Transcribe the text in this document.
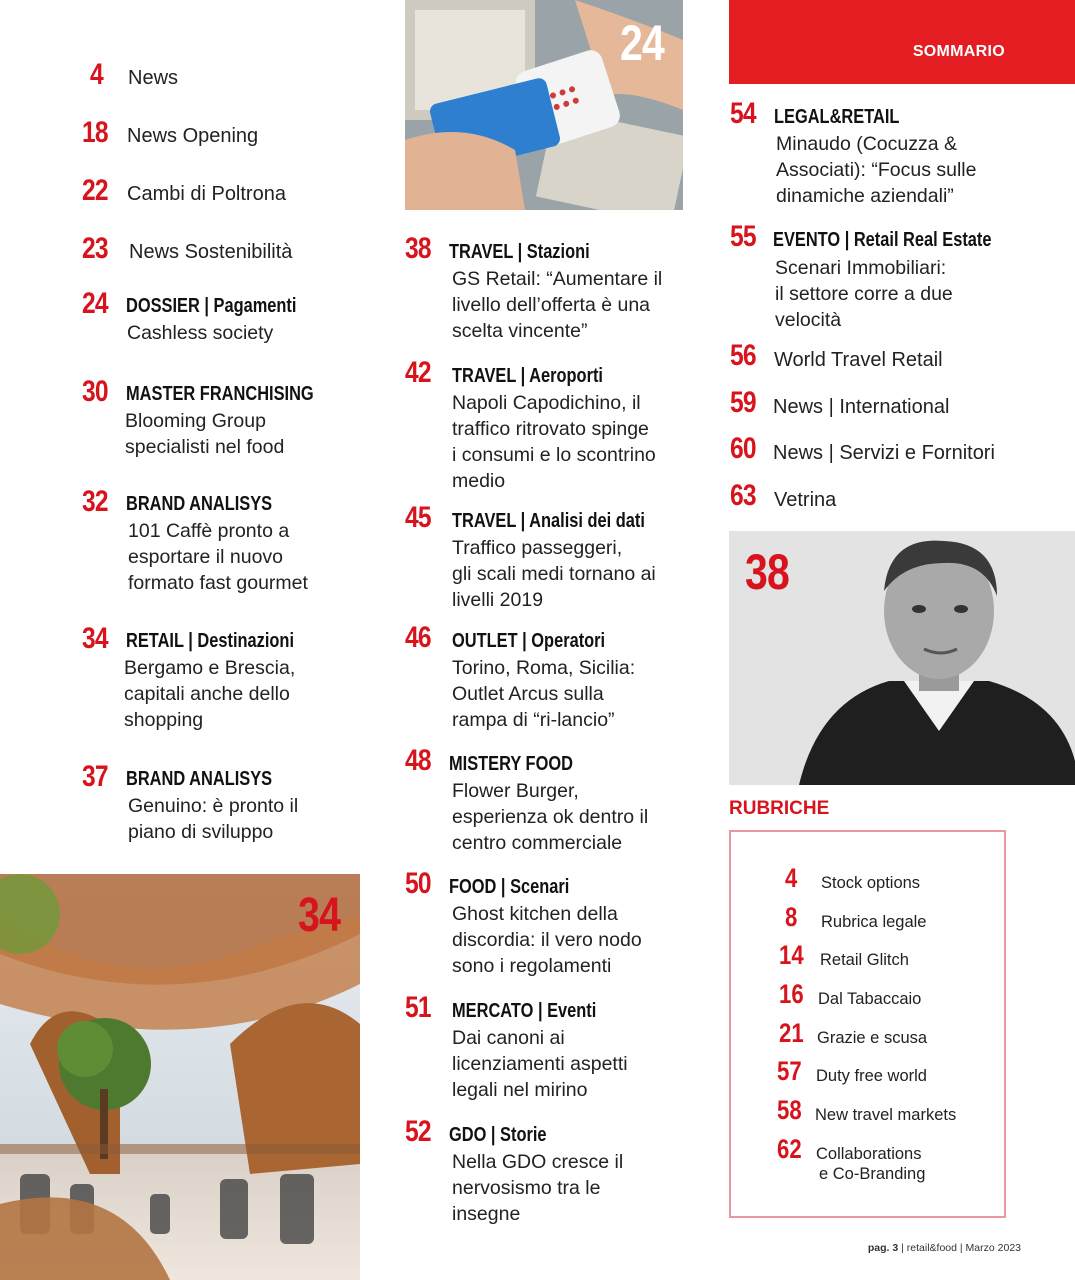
SOMMARIO
4 News
18 News Opening
22 Cambi di Poltrona
23 News Sostenibilità
24 DOSSIER | Pagamenti
Cashless society
30 MASTER FRANCHISING
Blooming Group
specialisti nel food
32 BRAND ANALISYS
101 Caffè pronto a
esportare il nuovo
formato fast gourmet
34 RETAIL | Destinazioni
Bergamo e Brescia,
capitali anche dello
shopping
37 BRAND ANALISYS
Genuino: è pronto il
piano di sviluppo
34
24
38 TRAVEL | Stazioni
GS Retail: “Aumentare il
livello dell’offerta è una
scelta vincente”
42 TRAVEL | Aeroporti
Napoli Capodichino, il
traffico ritrovato spinge
i consumi e lo scontrino
medio
45 TRAVEL | Analisi dei dati
Traffico passeggeri,
gli scali medi tornano ai
livelli 2019
46 OUTLET | Operatori
Torino, Roma, Sicilia:
Outlet Arcus sulla
rampa di “ri-lancio”
48 MISTERY FOOD
Flower Burger,
esperienza ok dentro il
centro commerciale
50 FOOD | Scenari
Ghost kitchen della
discordia: il vero nodo
sono i regolamenti
51 MERCATO | Eventi
Dai canoni ai
licenziamenti aspetti
legali nel mirino
52 GDO | Storie
Nella GDO cresce il
nervosismo tra le
insegne
54 LEGAL&RETAIL
Minaudo (Cocuzza &
Associati): “Focus sulle
dinamiche aziendali”
55 EVENTO | Retail Real Estate
Scenari Immobiliari:
il settore corre a due
velocità
56 World Travel Retail
59 News | International
60 News | Servizi e Fornitori
63 Vetrina
38
RUBRICHE
4 Stock options
8 Rubrica legale
14 Retail Glitch
16 Dal Tabaccaio
21 Grazie e scusa
57 Duty free world
58 New travel markets
62 Collaborations
e Co-Branding
pag. 3 | retail&food | Marzo 2023
